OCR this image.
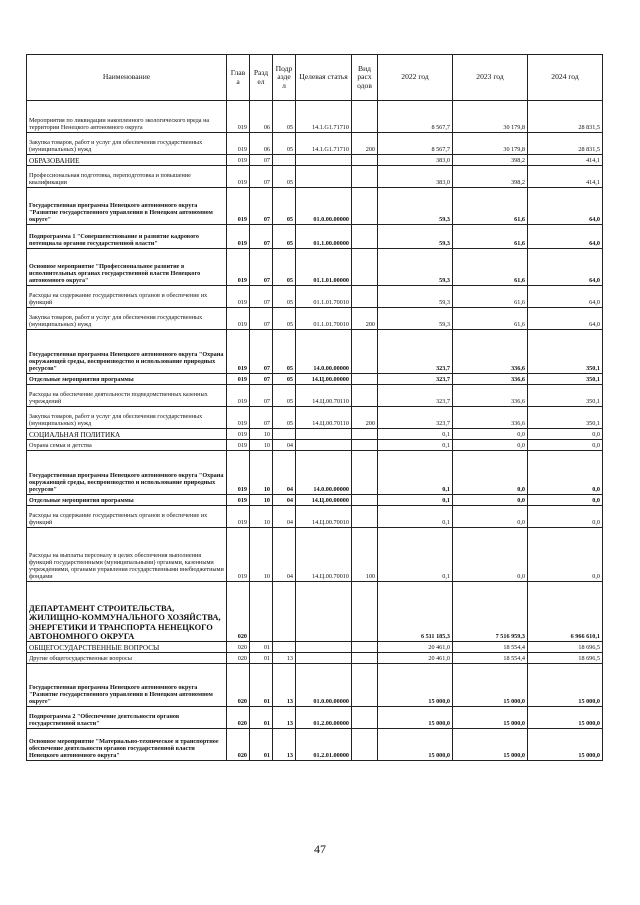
Наименование	Глав а	Разд ел	Подр азде л	Целевая статья	Вид расх одов	2022 год	2023 год	2024 год
Мероприятия по ликвидации накопленного экологического вреда на территории Ненецкого автономного округа	019	06	05	14.1.G1.71710		8 567,7	30 179,8	28 831,5
Закупка товаров, работ и услуг для обеспечения государственных (муниципальных) нужд	019	06	05	14.1.G1.71710	200	8 567,7	30 179,8	28 831,5
ОБРАЗОВАНИЕ	019	07				383,0	398,2	414,1
Профессиональная подготовка, переподготовка и повышение квалификации	019	07	05			383,0	398,2	414,1
Государственная программа Ненецкого автономного округа "Развитие государственного управления в Ненецком автономном округе"	019	07	05	01.0.00.00000		59,3	61,6	64,0
Подпрограмма 1 "Совершенствование и развитие кадрового потенциала органов государственной власти"	019	07	05	01.1.00.00000		59,3	61,6	64,0
Основное мероприятие "Профессиональное развитие в исполнительных органах государственной власти Ненецкого автономного округа"	019	07	05	01.1.01.00000		59,3	61,6	64,0
Расходы на содержание государственных органов и обеспечение их функций	019	07	05	01.1.01.70010		59,3	61,6	64,0
Закупка товаров, работ и услуг для обеспечения государственных (муниципальных) нужд	019	07	05	01.1.01.70010	200	59,3	61,6	64,0
Государственная программа Ненецкого автономного округа "Охрана окружающей среды, воспроизводство и использование природных ресурсов"	019	07	05	14.0.00.00000		323,7	336,6	350,1
Отдельные мероприятия программы	019	07	05	14.Ц.00.00000		323,7	336,6	350,1
Расходы на обеспечение деятельности подведомственных казенных учреждений	019	07	05	14.Ц.00.70110		323,7	336,6	350,1
Закупка товаров, работ и услуг для обеспечения государственных (муниципальных) нужд	019	07	05	14.Ц.00.70110	200	323,7	336,6	350,1
СОЦИАЛЬНАЯ ПОЛИТИКА	019	10				0,1	0,0	0,0
Охрана семьи и детства	019	10	04			0,1	0,0	0,0
Государственная программа Ненецкого автономного округа "Охрана окружающей среды, воспроизводство и использование природных ресурсов"	019	10	04	14.0.00.00000		0,1	0,0	0,0
Отдельные мероприятия программы	019	10	04	14.Ц.00.00000		0,1	0,0	0,0
Расходы на содержание государственных органов и обеспечение их функций	019	10	04	14.Ц.00.70010		0,1	0,0	0,0
Расходы на выплаты персоналу в целях обеспечения выполнения функций государственными (муниципальными) органами, казенными учреждениями, органами управления государственными внебюджетными фондами	019	10	04	14.Ц.00.70010	100	0,1	0,0	0,0
ДЕПАРТАМЕНТ СТРОИТЕЛЬСТВА, ЖИЛИЩНО-КОММУНАЛЬНОГО ХОЗЯЙСТВА, ЭНЕРГЕТИКИ И ТРАНСПОРТА НЕНЕЦКОГО АВТОНОМНОГО ОКРУГА	020					6 511 185,3	7 516 959,3	6 966 610,1
ОБЩЕГОСУДАРСТВЕННЫЕ ВОПРОСЫ	020	01				20 461,0	18 554,4	18 696,5
Другие общегосударственные вопросы	020	01	13			20 461,0	18 554,4	18 696,5
Государственная программа Ненецкого автономного округа "Развитие государственного управления в Ненецком автономном округе"	020	01	13	01.0.00.00000		15 000,0	15 000,0	15 000,0
Подпрограмма 2 "Обеспечение деятельности органов государственной власти"	020	01	13	01.2.00.00000		15 000,0	15 000,0	15 000,0
Основное мероприятие "Материально-техническое и транспортное обеспечение деятельности органов государственной власти Ненецкого автономного округа"	020	01	13	01.2.01.00000		15 000,0	15 000,0	15 000,0
47
